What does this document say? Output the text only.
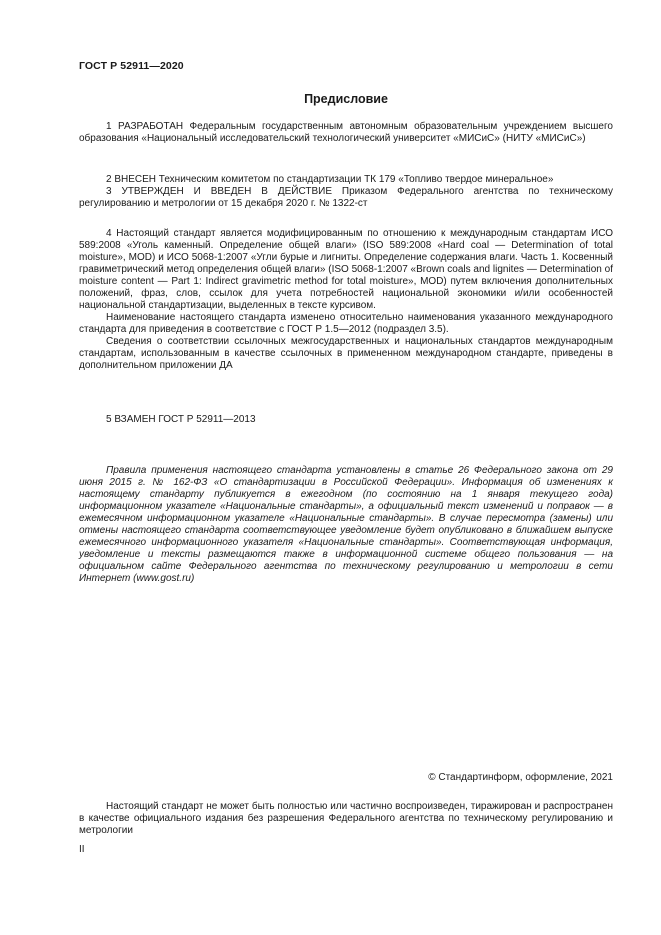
ГОСТ Р 52911—2020
Предисловие

1 РАЗРАБОТАН Федеральным государственным автономным образовательным учреждением высшего образования «Национальный исследовательский технологический университет «МИСиС» (НИТУ «МИСиС»)

2 ВНЕСЕН Техническим комитетом по стандартизации ТК 179 «Топливо твердое минеральное»

3 УТВЕРЖДЕН И ВВЕДЕН В ДЕЙСТВИЕ Приказом Федерального агентства по техническому регулированию и метрологии от 15 декабря 2020 г. № 1322-ст

4 Настоящий стандарт является модифицированным по отношению к международным стандартам ИСО 589:2008 «Уголь каменный. Определение общей влаги» (ISO 589:2008 «Hard coal — Determination of total moisture», MOD) и ИСО 5068-1:2007 «Угли бурые и лигниты. Определение содержания влаги. Часть 1. Косвенный гравиметрический метод определения общей влаги» (ISO 5068-1:2007 «Brown coals and lignites — Determination of moisture content — Part 1: Indirect gravimetric method for total moisture», MOD) путем включения дополнительных положений, фраз, слов, ссылок для учета потребностей национальной экономики и/или особенностей национальной стандартизации, выделенных в тексте курсивом.

Наименование настоящего стандарта изменено относительно наименования указанного международного стандарта для приведения в соответствие с ГОСТ Р 1.5—2012 (подраздел 3.5).

Сведения о соответствии ссылочных межгосударственных и национальных стандартов международным стандартам, использованным в качестве ссылочных в примененном международном стандарте, приведены в дополнительном приложении ДА

5 ВЗАМЕН ГОСТ Р 52911—2013

Правила применения настоящего стандарта установлены в статье 26 Федерального закона от 29 июня 2015 г. № 162-ФЗ «О стандартизации в Российской Федерации». Информация об изменениях к настоящему стандарту публикуется в ежегодном (по состоянию на 1 января текущего года) информационном указателе «Национальные стандарты», а официальный текст изменений и поправок — в ежемесячном информационном указателе «Национальные стандарты». В случае пересмотра (замены) или отмены настоящего стандарта соответствующее уведомление будет опубликовано в ближайшем выпуске ежемесячного информационного указателя «Национальные стандарты». Соответствующая информация, уведомление и тексты размещаются также в информационной системе общего пользования — на официальном сайте Федерального агентства по техническому регулированию и метрологии в сети Интернет (www.gost.ru)

© Стандартинформ, оформление, 2021

Настоящий стандарт не может быть полностью или частично воспроизведен, тиражирован и распространен в качестве официального издания без разрешения Федерального агентства по техническому регулированию и метрологии

II
